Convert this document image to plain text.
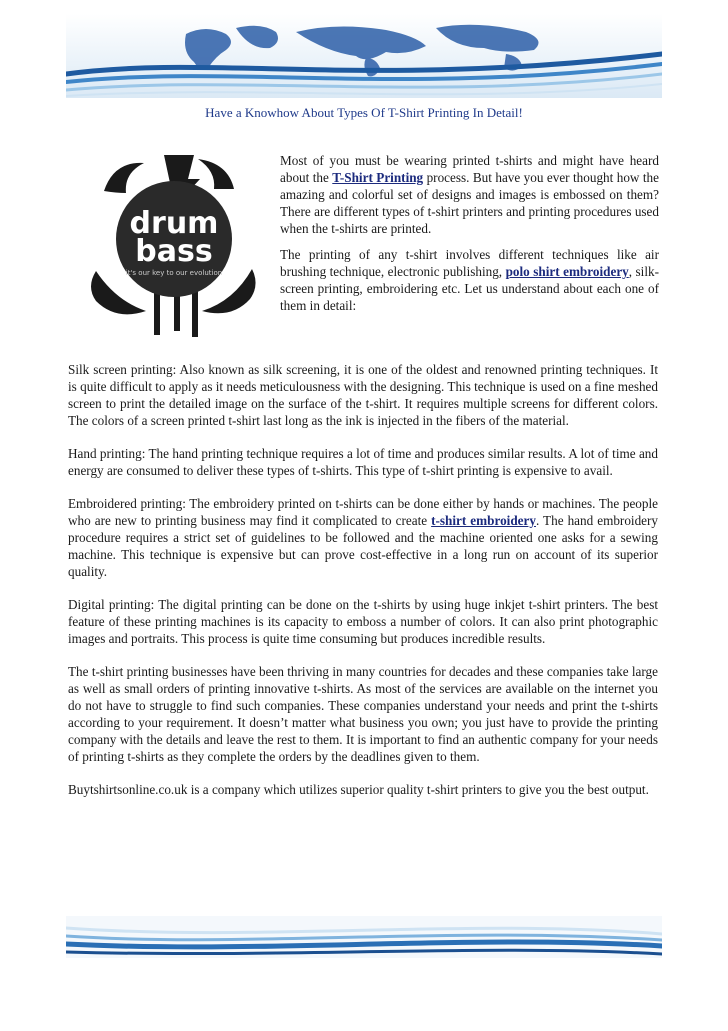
Have a Knowhow About Types Of T-Shirt Printing In Detail!
drum
bass
it's our key to our evolution

Most of you must be wearing printed t-shirts and might have heard about the T-Shirt Printing process. But have you ever thought how the amazing and colorful set of designs and images is embossed on them? There are different types of t-shirt printers and printing procedures used when the t-shirts are printed.

The printing of any t-shirt involves different techniques like air brushing technique, electronic publishing, polo shirt embroidery, silk-screen printing, embroidering etc. Let us understand about each one of them in detail:

Silk screen printing: Also known as silk screening, it is one of the oldest and renowned printing techniques. It is quite difficult to apply as it needs meticulousness with the designing. This technique is used on a fine meshed screen to print the detailed image on the surface of the t-shirt. It requires multiple screens for different colors. The colors of a screen printed t-shirt last long as the ink is injected in the fibers of the material.

Hand printing: The hand printing technique requires a lot of time and produces similar results. A lot of time and energy are consumed to deliver these types of t-shirts. This type of t-shirt printing is expensive to avail.

Embroidered printing: The embroidery printed on t-shirts can be done either by hands or machines. The people who are new to printing business may find it complicated to create t-shirt embroidery. The hand embroidery procedure requires a strict set of guidelines to be followed and the machine oriented one asks for a sewing machine. This technique is expensive but can prove cost-effective in a long run on account of its superior quality.

Digital printing: The digital printing can be done on the t-shirts by using huge inkjet t-shirt printers. The best feature of these printing machines is its capacity to emboss a number of colors. It can also print photographic images and portraits. This process is quite time consuming but produces incredible results.

The t-shirt printing businesses have been thriving in many countries for decades and these companies take large as well as small orders of printing innovative t-shirts. As most of the services are available on the internet you do not have to struggle to find such companies. These companies understand your needs and print the t-shirts according to your requirement. It doesn’t matter what business you own; you just have to provide the printing company with the details and leave the rest to them. It is important to find an authentic company for your needs of printing t-shirts as they complete the orders by the deadlines given to them.

Buytshirtsonline.co.uk is a company which utilizes superior quality t-shirt printers to give you the best output.
